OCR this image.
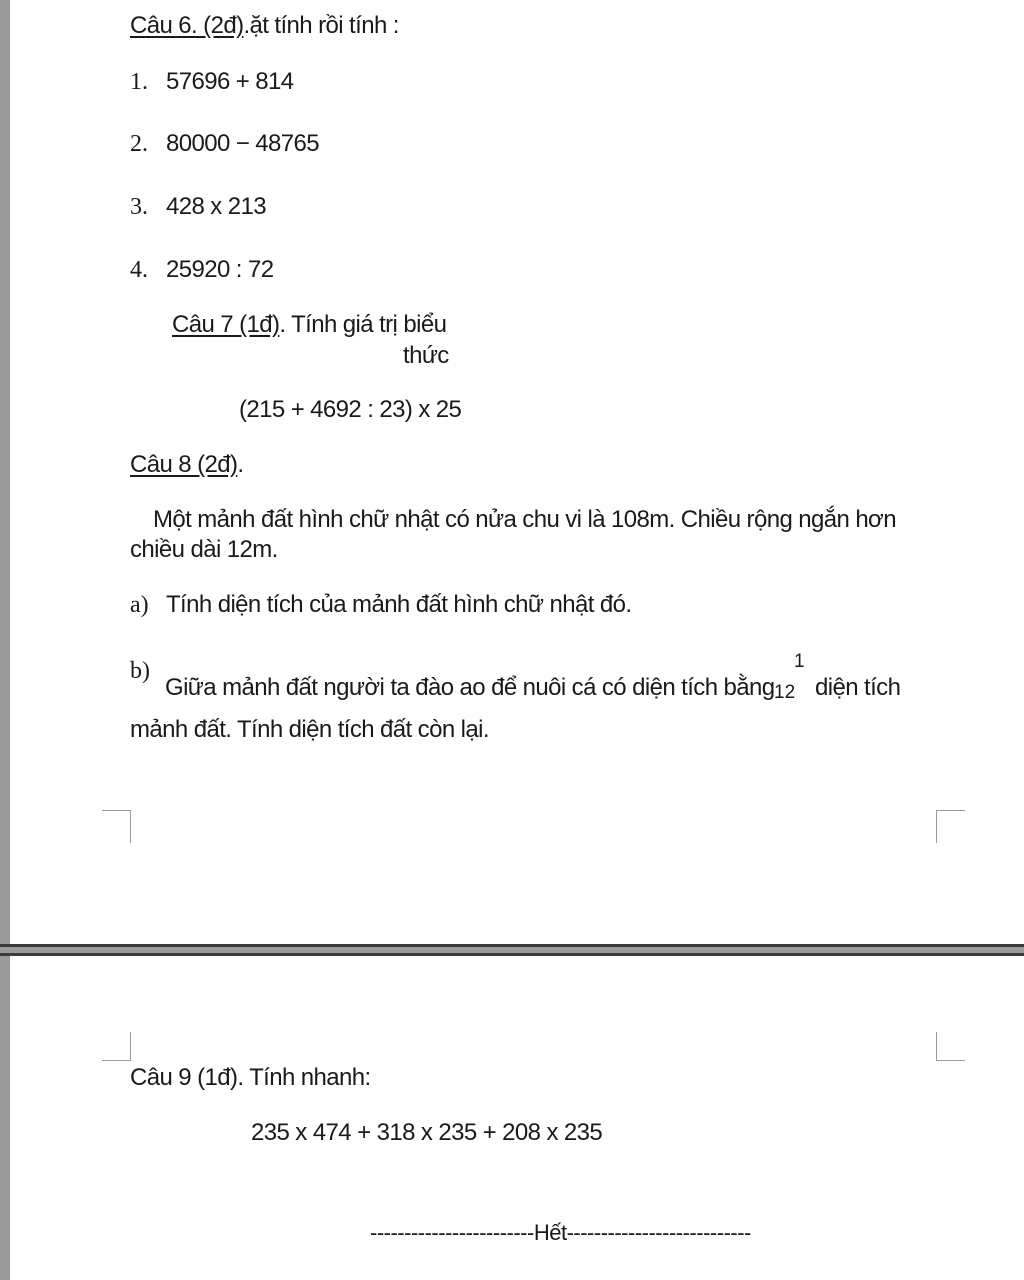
Câu 6. (2đ).ặt tính rồi tính :
1. 57696 + 814
2. 80000 − 48765
3. 428 x 213
4. 25920 : 72
Câu 7 (1đ). Tính giá trị biểu
thức
(215 + 4692 : 23) x 25
Câu 8 (2đ).
Một mảnh đất hình chữ nhật có nửa chu vi là 108m. Chiều rộng ngắn hơn
chiều dài 12m.
a) Tính diện tích của mảnh đất hình chữ nhật đó.
b)
Giữa mảnh đất người ta đào ao để nuôi cá có diện tích bằng
1
12 diện tích
mảnh đất. Tính diện tích đất còn lại.
Câu 9 (1đ). Tính nhanh:
235 x 474 + 318 x 235 + 208 x 235
------------------------Hết---------------------------
